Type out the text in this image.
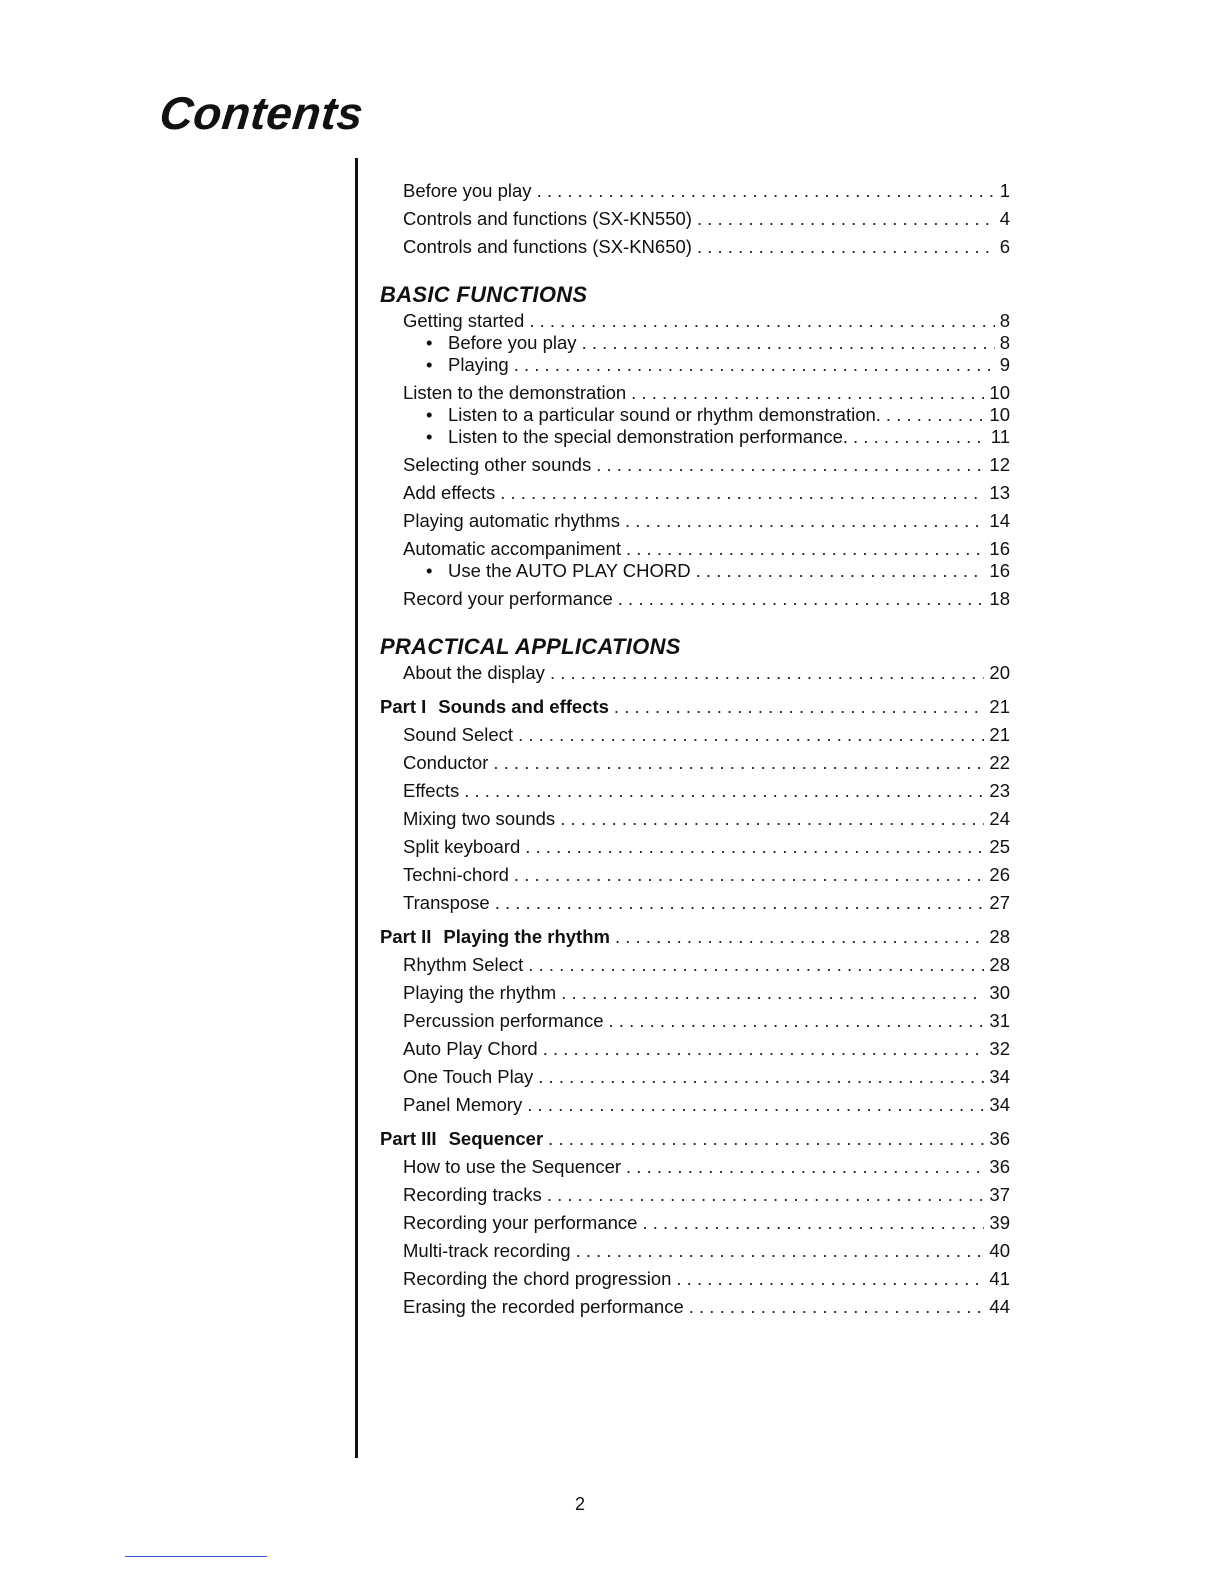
Contents
Before you play . . .	1
Controls and functions (SX-KN550) . . .	4
Controls and functions (SX-KN650) . . .	6
BASIC FUNCTIONS
Getting started . . .	8
• Before you play . . .	8
• Playing . . .	9
Listen to the demonstration . . .	10
• Listen to a particular sound or rhythm demonstration. . . .	10
• Listen to the special demonstration performance. . . .	11
Selecting other sounds . . .	12
Add effects . . .	13
Playing automatic rhythms . . .	14
Automatic accompaniment . . .	16
• Use the AUTO PLAY CHORD . . .	16
Record your performance . . .	18
PRACTICAL APPLICATIONS
About the display . . .	20
Part I Sounds and effects . . .	21
Sound Select . . .	21
Conductor . . .	22
Effects . . .	23
Mixing two sounds . . .	24
Split keyboard . . .	25
Techni-chord . . .	26
Transpose . . .	27
Part II Playing the rhythm . . .	28
Rhythm Select . . .	28
Playing the rhythm . . .	30
Percussion performance . . .	31
Auto Play Chord . . .	32
One Touch Play . . .	34
Panel Memory . . .	34
Part III Sequencer . . .	36
How to use the Sequencer . . .	36
Recording tracks . . .	37
Recording your performance . . .	39
Multi-track recording . . .	40
Recording the chord progression . . .	41
Erasing the recorded performance . . .	44
2
